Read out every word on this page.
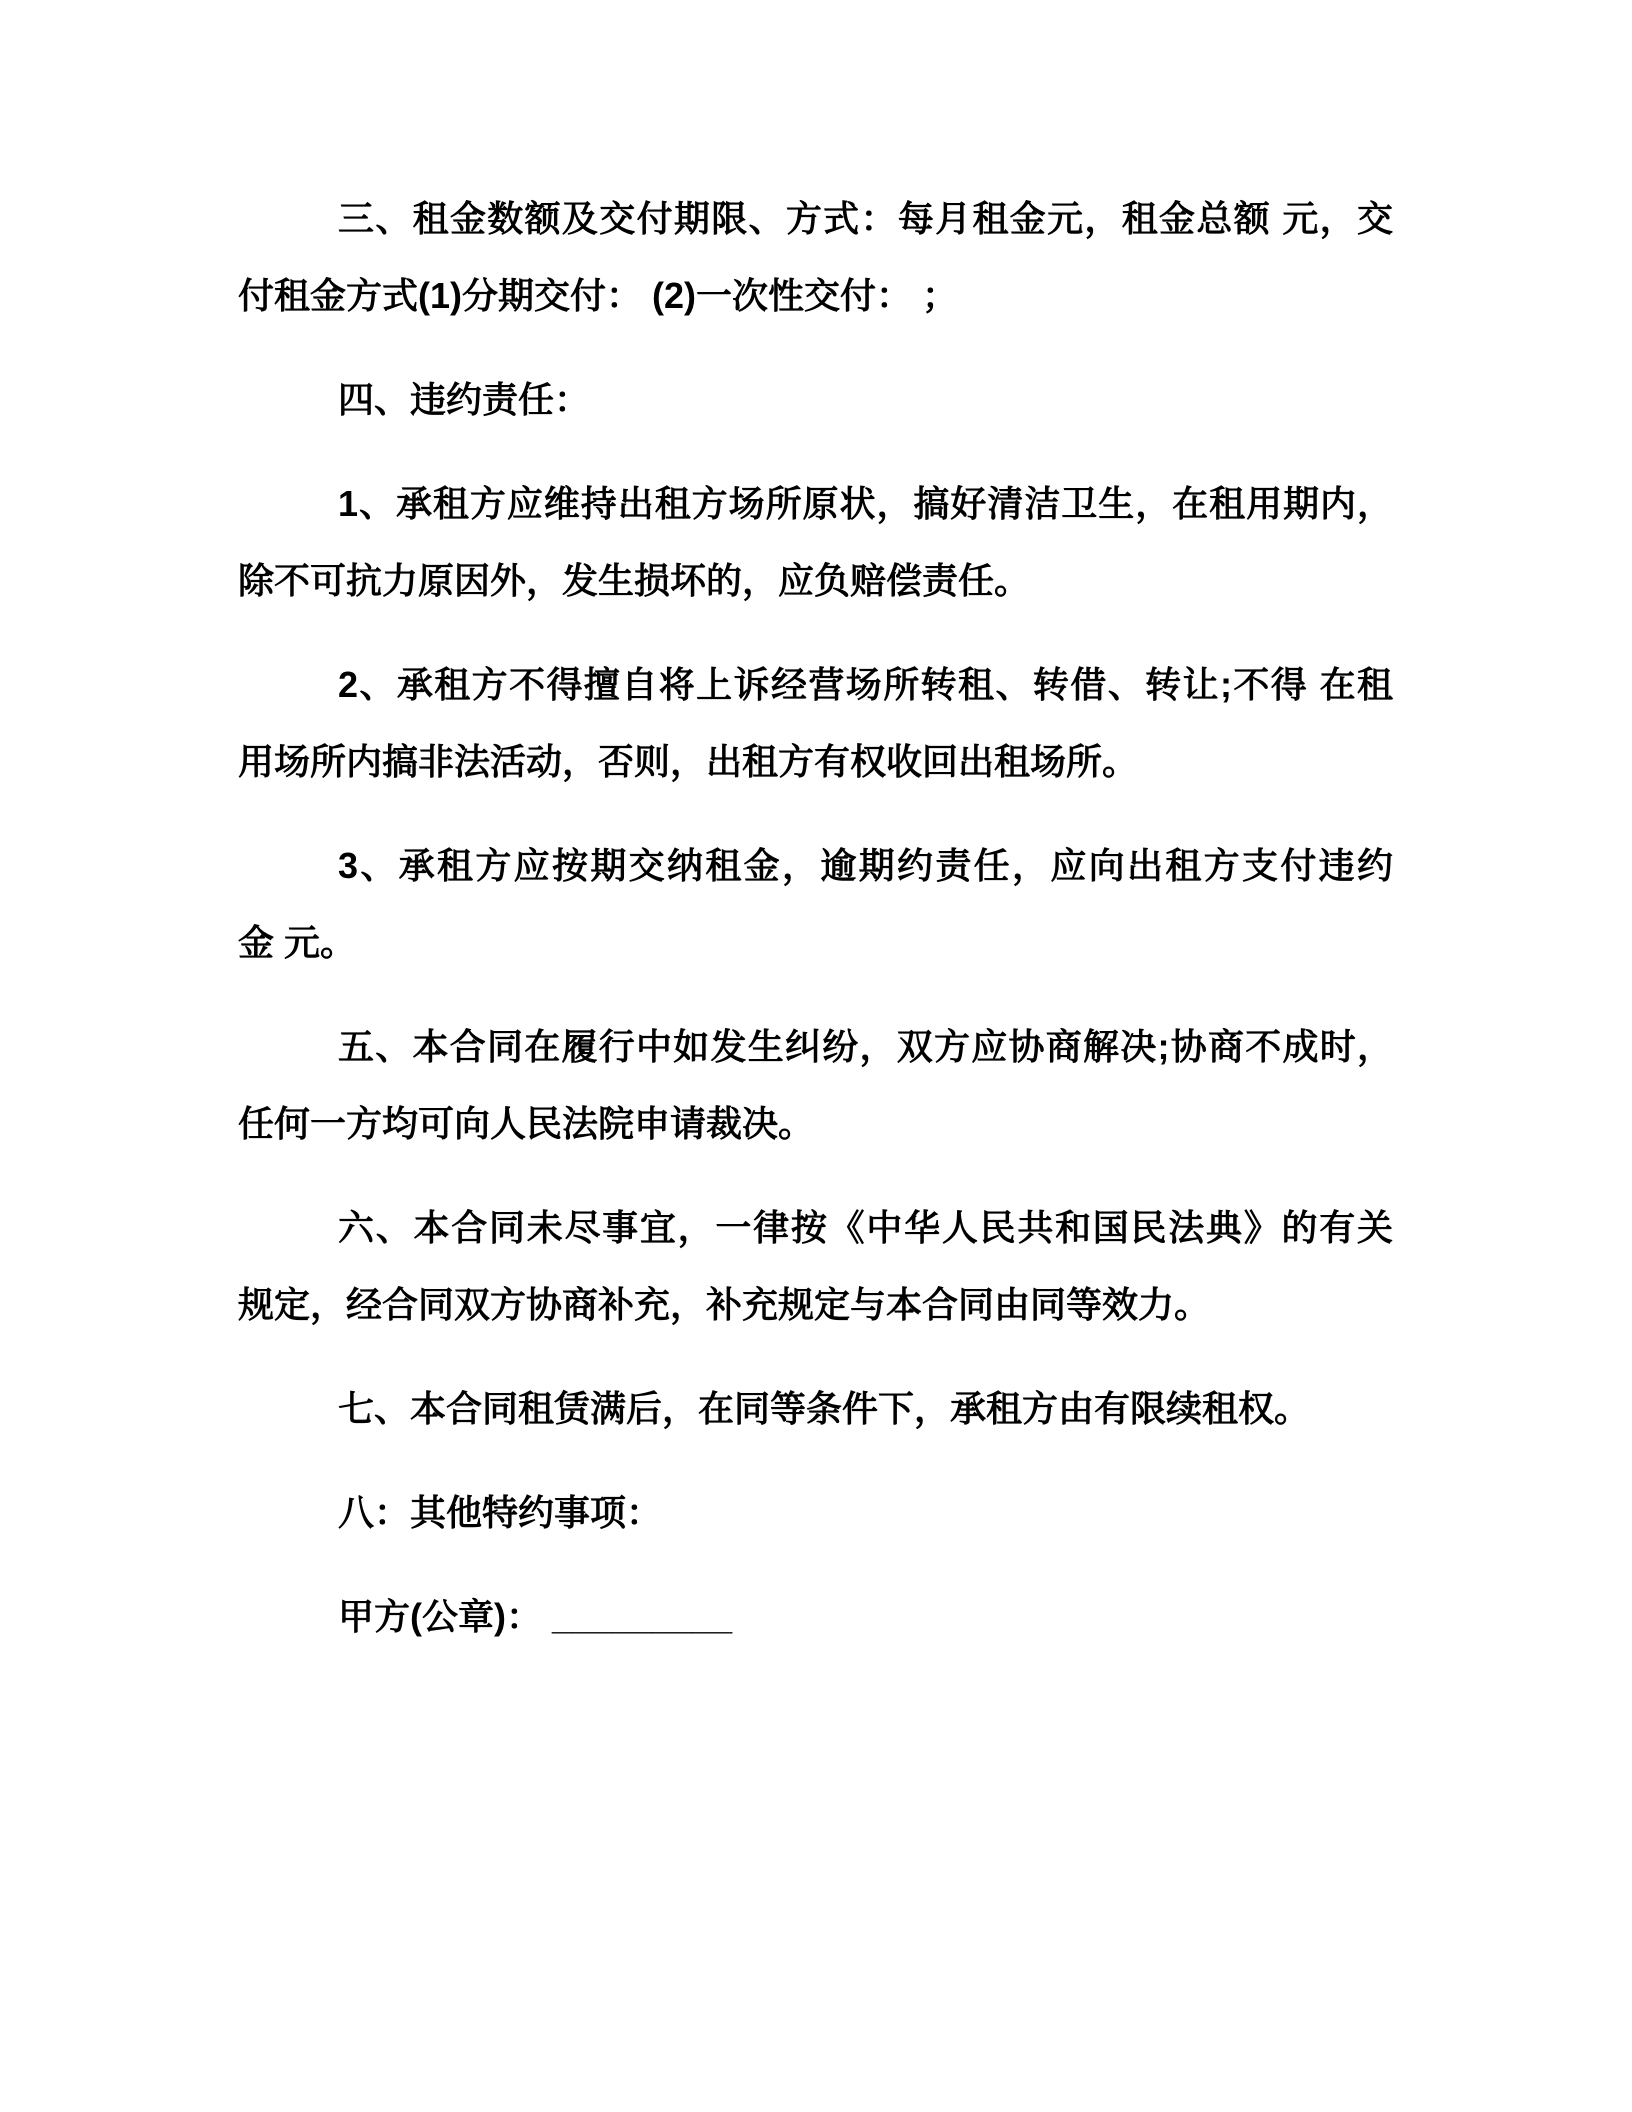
三、租金数额及交付期限、方式：每月租金元，租金总额 元，交
付租金方式(1)分期交付： (2)一次性交付： ；
四、违约责任：
1、承租方应维持出租方场所原状，搞好清洁卫生，在租用期内，
除不可抗力原因外，发生损坏的，应负赔偿责任。
2、承租方不得擅自将上诉经营场所转租、转借、转让;不得 在租
用场所内搞非法活动，否则，出租方有权收回出租场所。
3、承租方应按期交纳租金，逾期约责任，应向出租方支付违约
金 元。
五、本合同在履行中如发生纠纷，双方应协商解决;协商不成时，
任何一方均可向人民法院申请裁决。
六、本合同未尽事宜，一律按《中华人民共和国民法典》的有关
规定，经合同双方协商补充，补充规定与本合同由同等效力。
七、本合同租赁满后，在同等条件下，承租方由有限续租权。
八：其他特约事项：
甲方(公章)： _________
